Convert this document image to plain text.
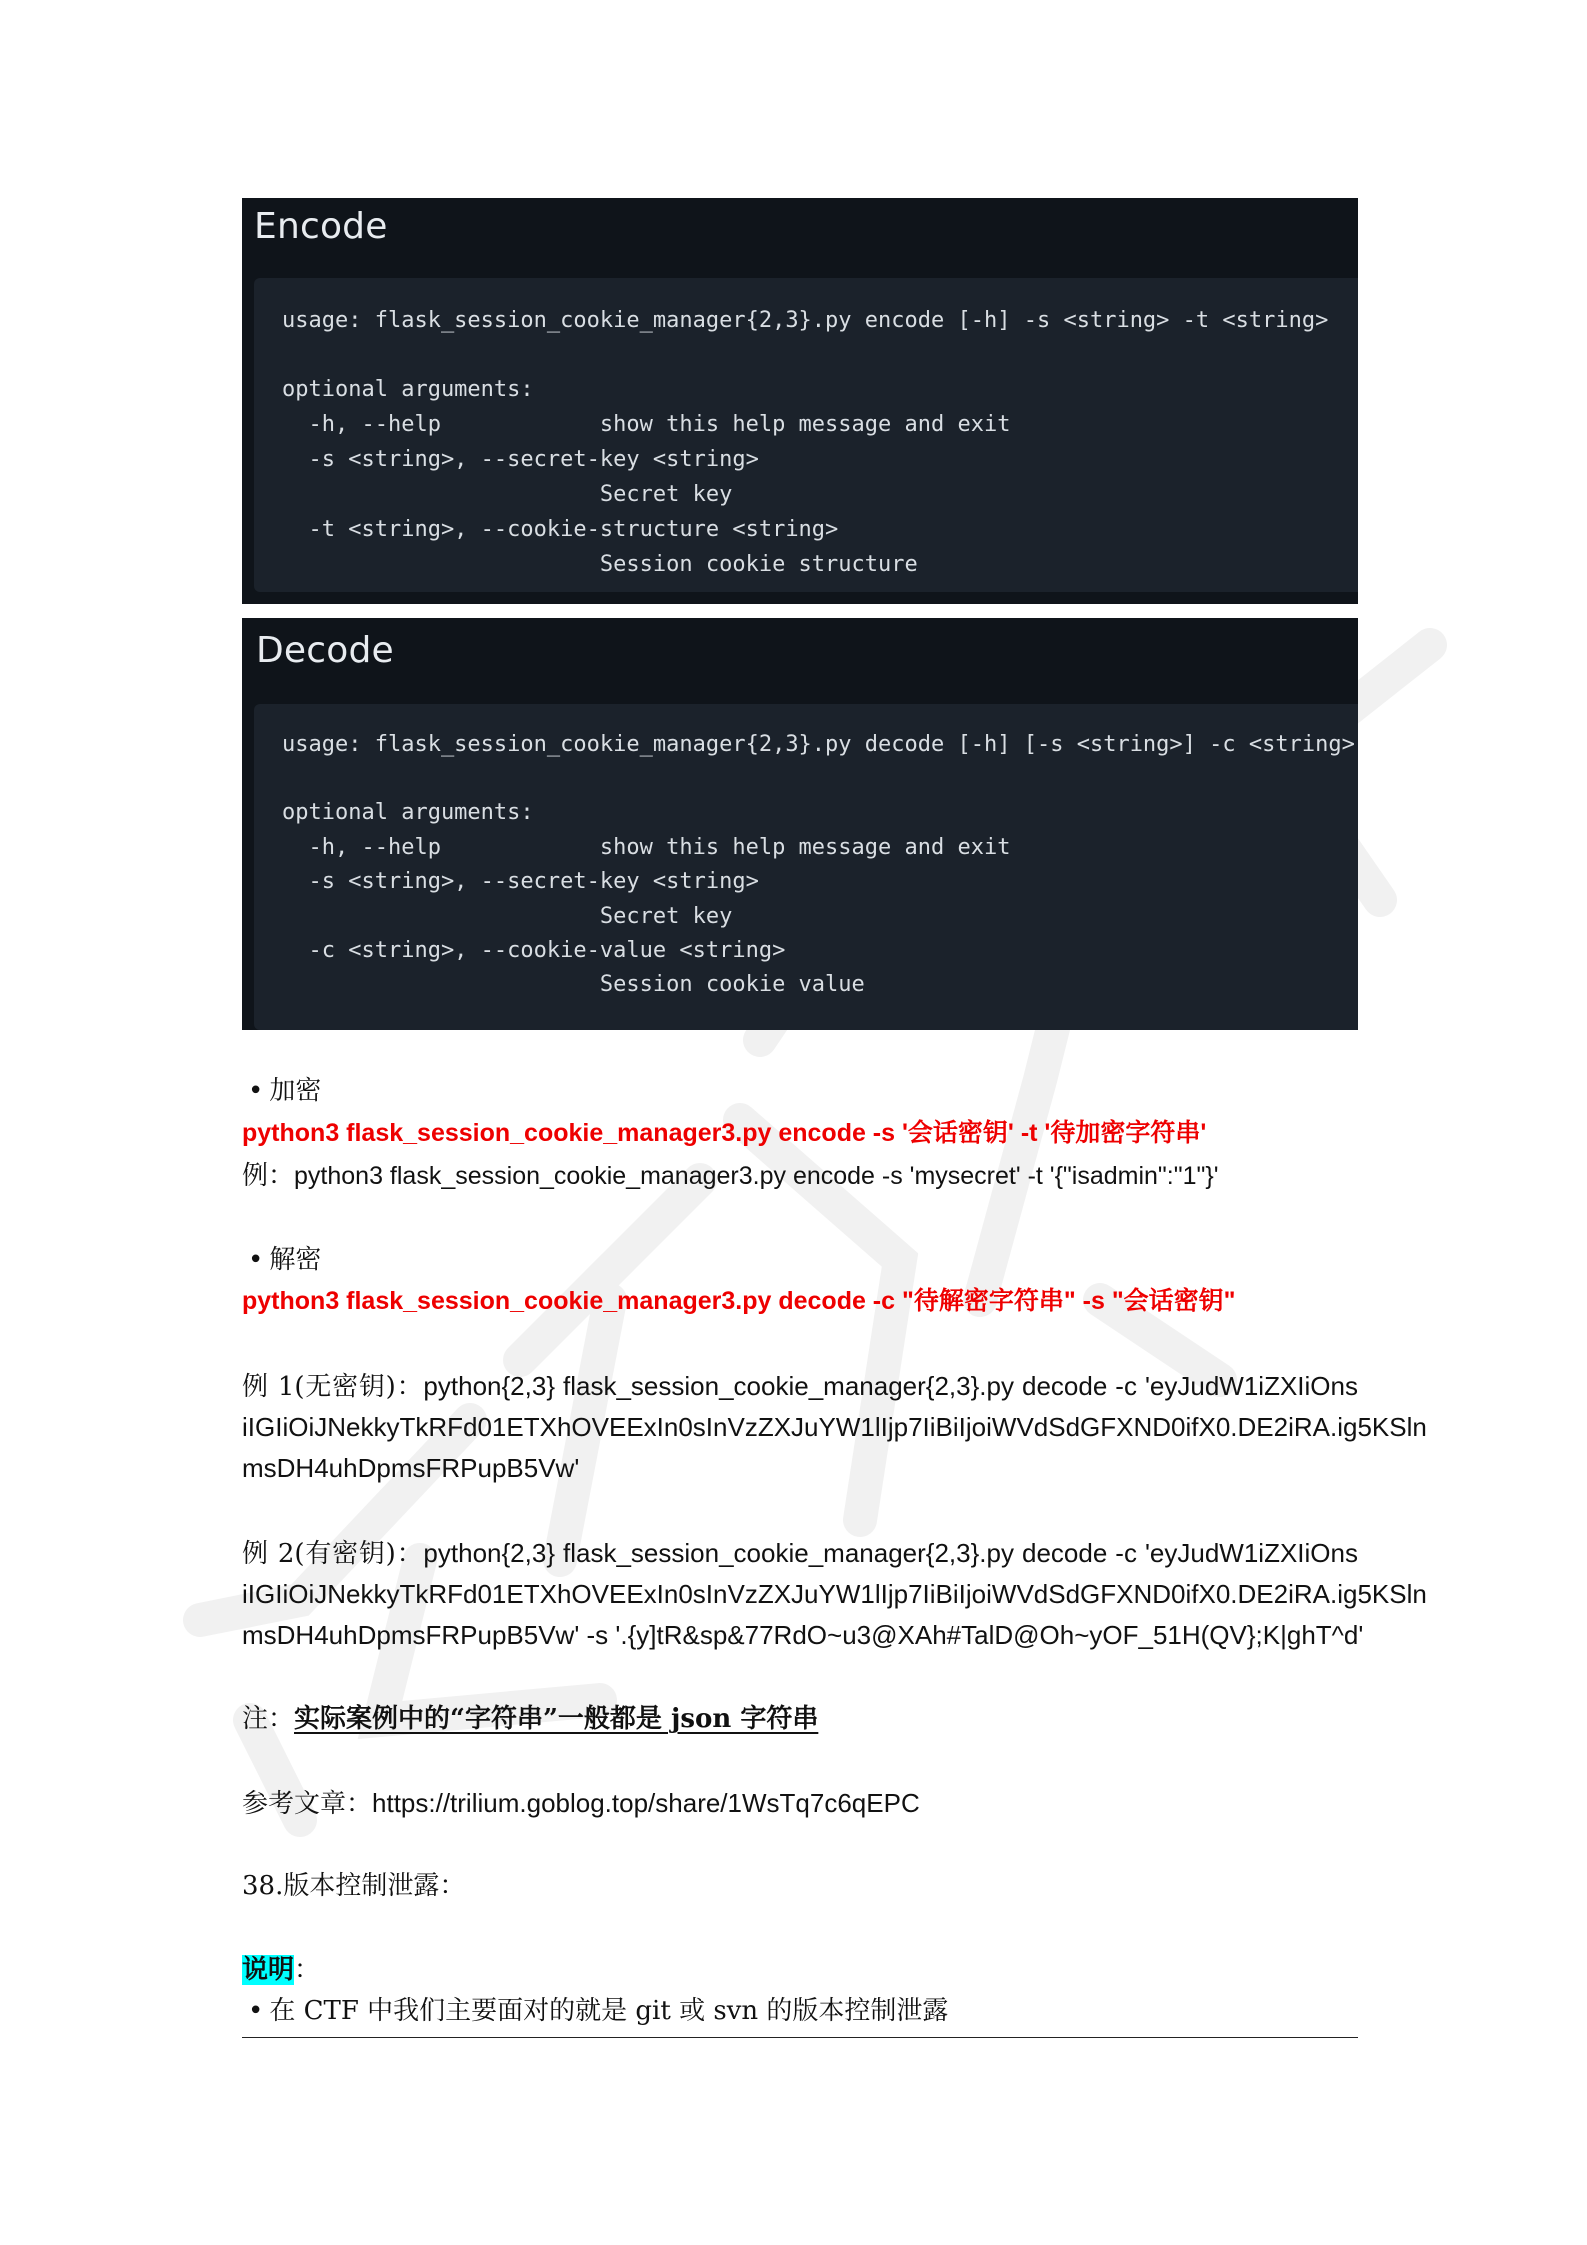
Encode
usage: flask_session_cookie_manager{2,3}.py encode [-h] -s <string> -t <string>
optional arguments:
-h, --help            show this help message and exit
-s <string>, --secret-key <string>
Secret key
-t <string>, --cookie-structure <string>
Session cookie structure
Decode
usage: flask_session_cookie_manager{2,3}.py decode [-h] [-s <string>] -c <string>
optional arguments:
-h, --help            show this help message and exit
-s <string>, --secret-key <string>
Secret key
-c <string>, --cookie-value <string>
Session cookie value
• 加密
python3 flask_session_cookie_manager3.py encode -s '会话密钥' -t '待加密字符串'
例：python3 flask_session_cookie_manager3.py encode -s 'mysecret' -t '{"isadmin":"1"}'
• 解密
python3 flask_session_cookie_manager3.py decode -c "待解密字符串" -s "会话密钥"
例 1(无密钥)：python{2,3} flask_session_cookie_manager{2,3}.py decode -c 'eyJudW1iZXIiOns
iIGIiOiJNekkyTkRFd01ETXhOVEExIn0sInVzZXJuYW1lIjp7IiBiIjoiWVdSdGFXND0ifX0.DE2iRA.ig5KSln
msDH4uhDpmsFRPupB5Vw'
例 2(有密钥)：python{2,3} flask_session_cookie_manager{2,3}.py decode -c 'eyJudW1iZXIiOns
iIGIiOiJNekkyTkRFd01ETXhOVEExIn0sInVzZXJuYW1lIjp7IiBiIjoiWVdSdGFXND0ifX0.DE2iRA.ig5KSln
msDH4uhDpmsFRPupB5Vw' -s '.{y]tR&sp&77RdO~u3@XAh#TalD@Oh~yOF_51H(QV};K|ghT^d'
注：实际案例中的“字符串”一般都是 json 字符串
参考文章：https://trilium.goblog.top/share/1WsTq7c6qEPC
38.版本控制泄露：
说明：
• 在 CTF 中我们主要面对的就是 git 或 svn 的版本控制泄露
